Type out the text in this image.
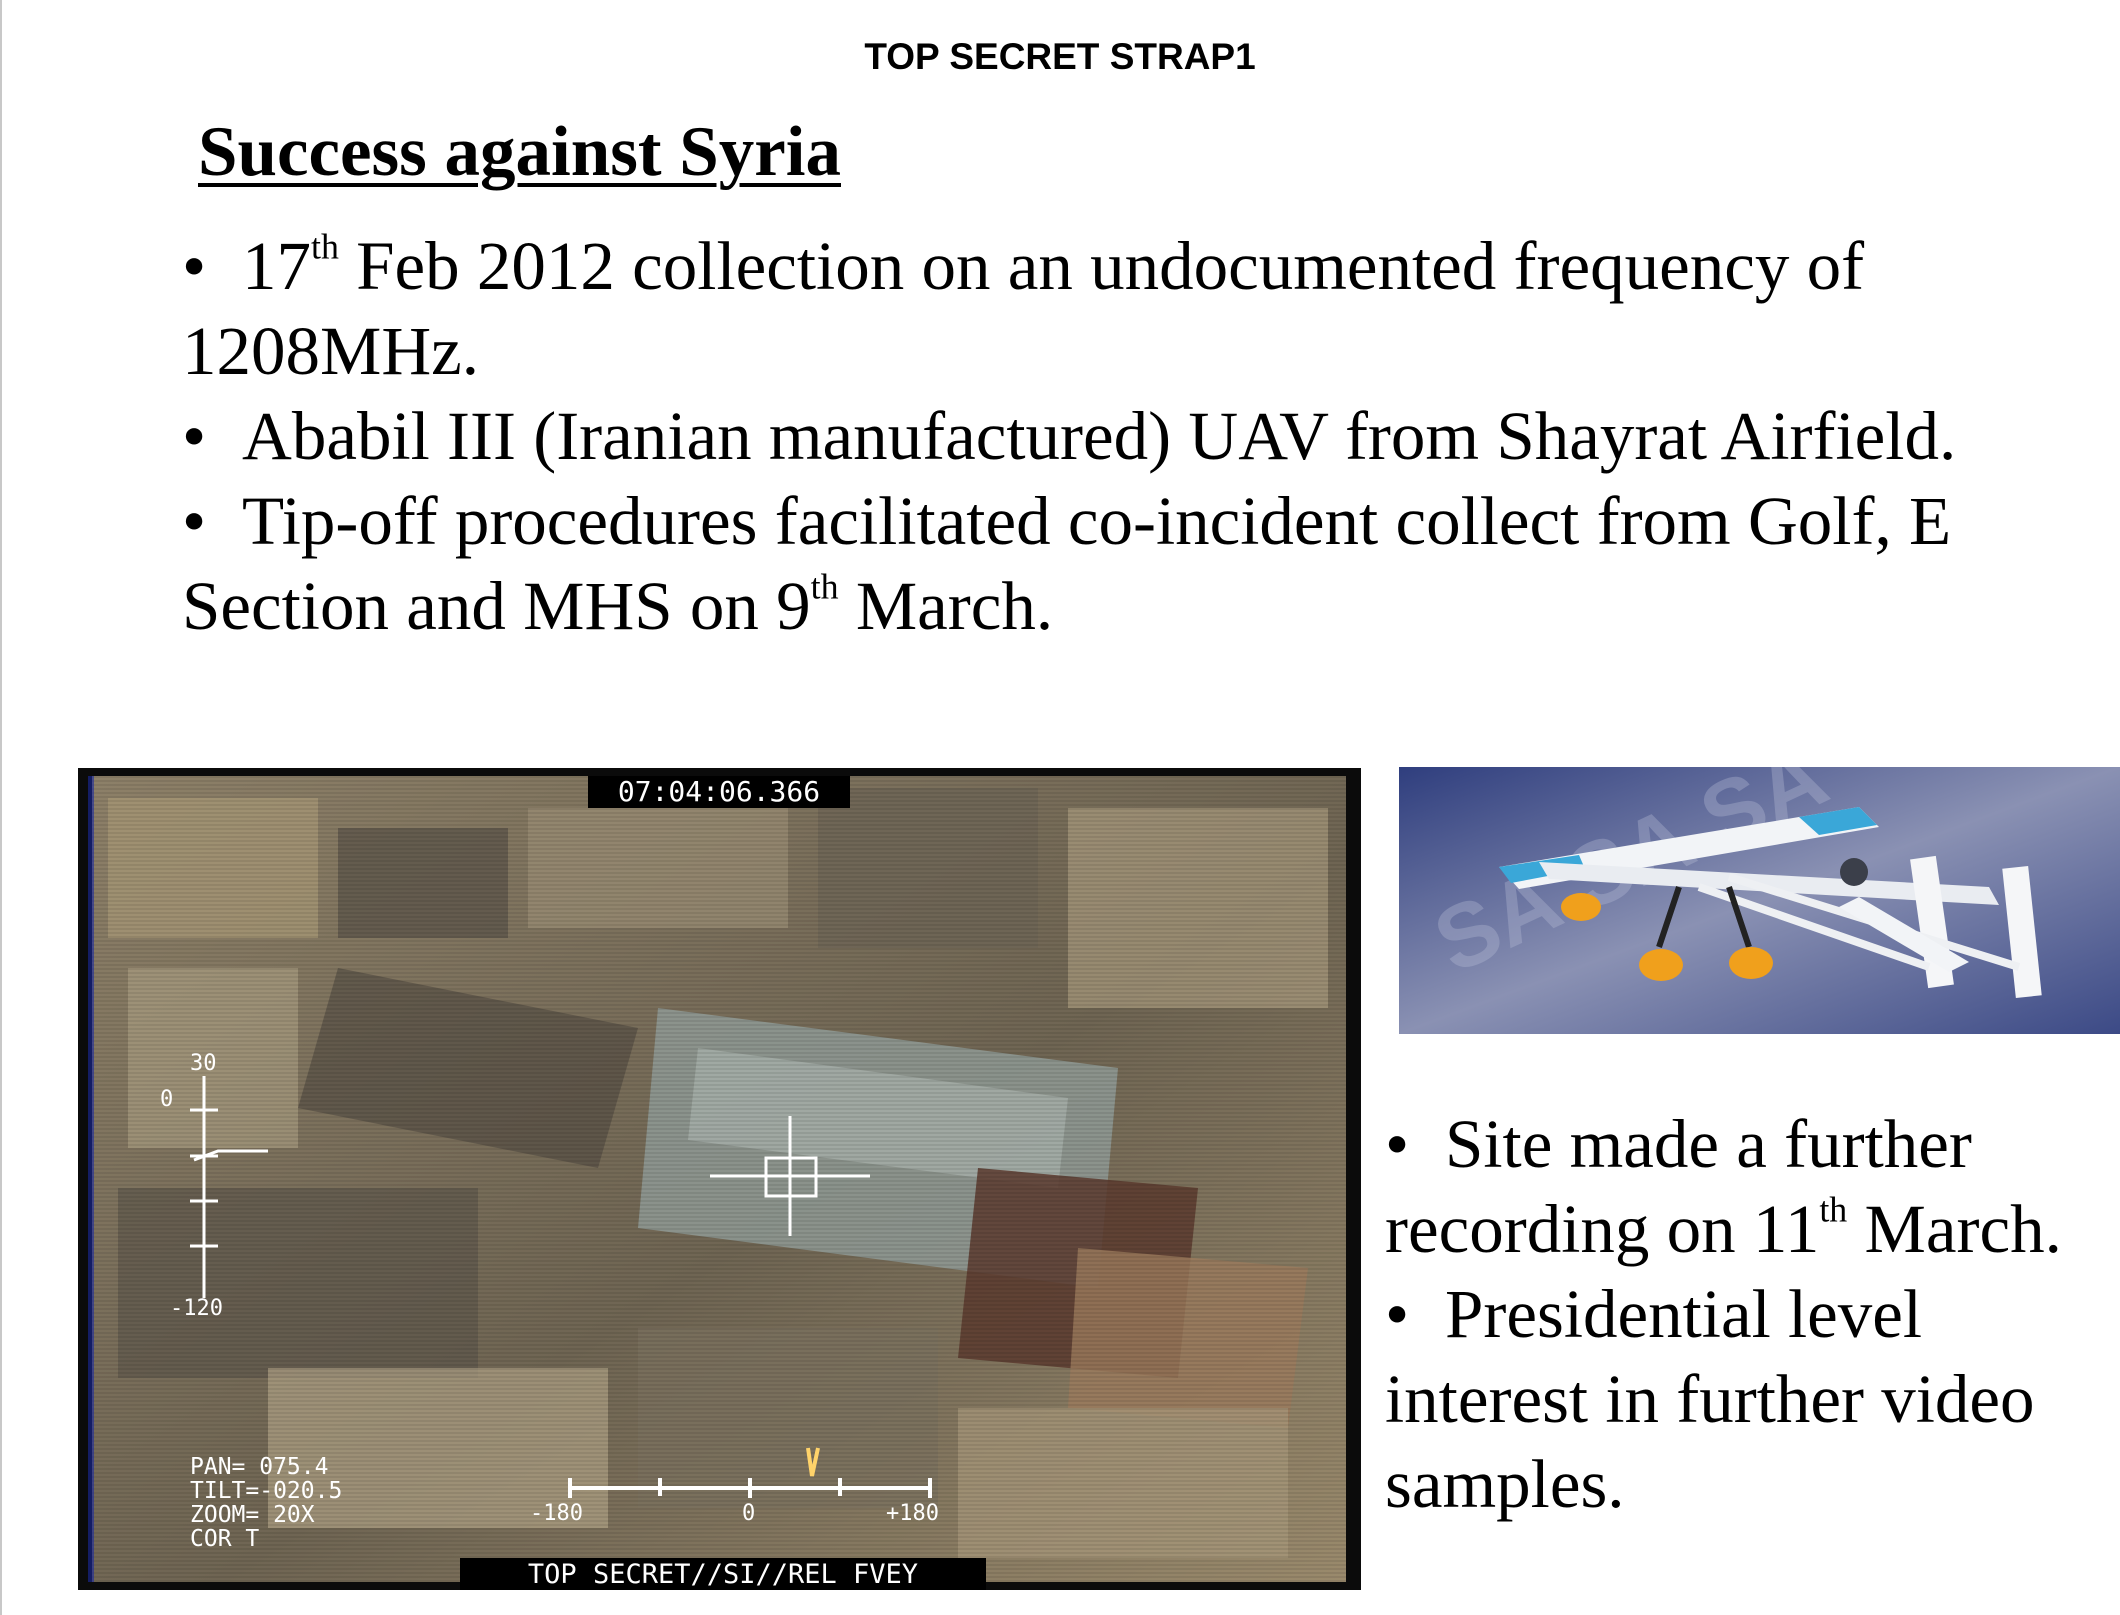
TOP SECRET STRAP1
Success against Syria
• 17th Feb 2012 collection on an undocumented frequency of 1208MHz.
• Ababil III (Iranian manufactured) UAV from Shayrat Airfield.
• Tip-off procedures facilitated co-incident collect from Golf, E Section and MHS on 9th March.
07:04:06.366
30
0
-120
-180	0	+180
PAN= 075.4
TILT=-020.5
ZOOM= 20X
COR T
TOP SECRET//SI//REL FVEY
SA SA
• Site made a further recording on 11th March.
• Presidential level interest in further video samples.
